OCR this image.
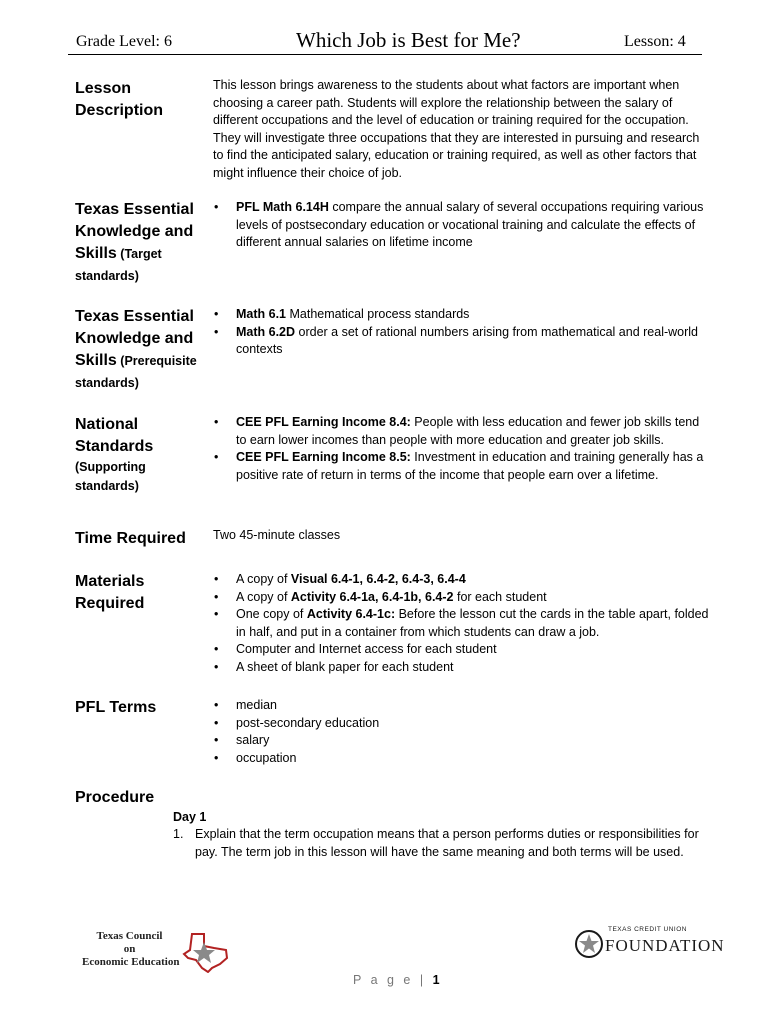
Grade Level: 6	Which Job is Best for Me?	Lesson: 4
Lesson
Description
This lesson brings awareness to the students about what factors are important when choosing a career path. Students will explore the relationship between the salary of different occupations and the level of education or training required for the occupation. They will investigate three occupations that they are interested in pursuing and research to find the anticipated salary, education or training required, as well as other factors that might influence their choice of job.
Texas Essential Knowledge and Skills (Target standards)
• PFL Math 6.14H compare the annual salary of several occupations requiring various levels of postsecondary education or vocational training and calculate the effects of different annual salaries on lifetime income
Texas Essential Knowledge and Skills (Prerequisite standards)
• Math 6.1 Mathematical process standards
• Math 6.2D order a set of rational numbers arising from mathematical and real-world contexts
National Standards
(Supporting standards)
• CEE PFL Earning Income 8.4: People with less education and fewer job skills tend to earn lower incomes than people with more education and greater job skills.
• CEE PFL Earning Income 8.5: Investment in education and training generally has a positive rate of return in terms of the income that people earn over a lifetime.
Time Required	Two 45-minute classes
Materials
Required
• A copy of Visual 6.4-1, 6.4-2, 6.4-3, 6.4-4
• A copy of Activity 6.4-1a, 6.4-1b, 6.4-2 for each student
• One copy of Activity 6.4-1c: Before the lesson cut the cards in the table apart, folded in half, and put in a container from which students can draw a job.
• Computer and Internet access for each student
• A sheet of blank paper for each student
PFL Terms
•	median
• post-secondary education
• salary
• occupation
Procedure
Day 1
1. Explain that the term occupation means that a person performs duties or responsibilities for pay. The term job in this lesson will have the same meaning and both terms will be used.
Texas Council
on
Economic Education
TEXAS CREDIT UNION
FOUNDATION
P a g e | 1
